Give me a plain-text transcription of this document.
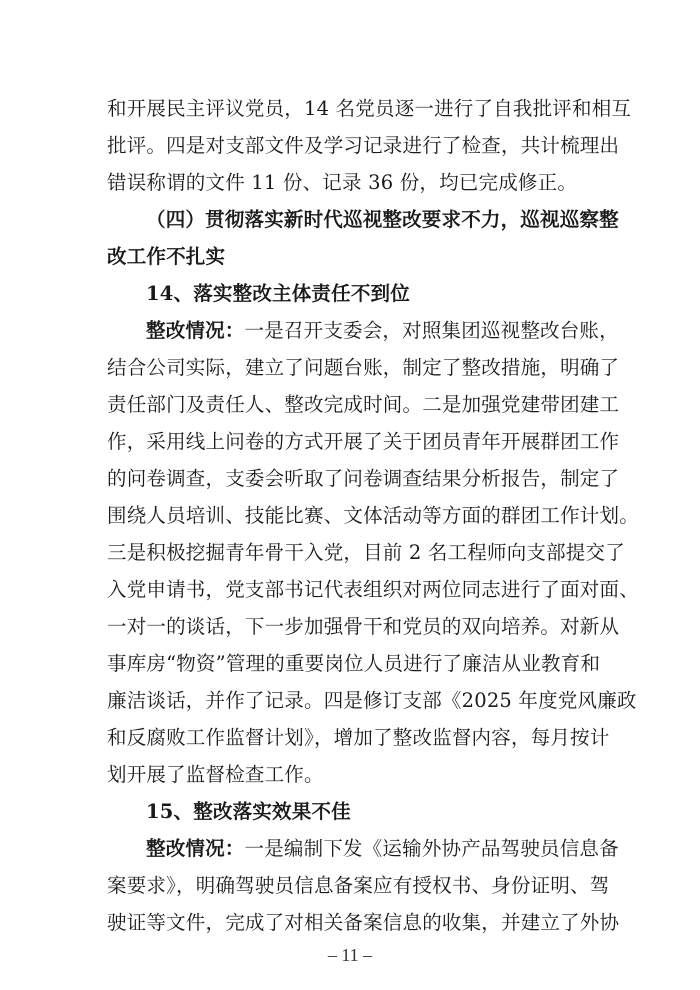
和开展民主评议党员，14 名党员逐一进行了自我批评和相互
批评。四是对支部文件及学习记录进行了检查，共计梳理出
错误称谓的文件 11 份、记录 36 份，均已完成修正。
（四）贯彻落实新时代巡视整改要求不力，巡视巡察整
改工作不扎实
14、落实整改主体责任不到位
整改情况：一是召开支委会，对照集团巡视整改台账，
结合公司实际，建立了问题台账，制定了整改措施，明确了
责任部门及责任人、整改完成时间。二是加强党建带团建工
作，采用线上问卷的方式开展了关于团员青年开展群团工作
的问卷调查，支委会听取了问卷调查结果分析报告，制定了
围绕人员培训、技能比赛、文体活动等方面的群团工作计划。
三是积极挖掘青年骨干入党，目前 2 名工程师向支部提交了
入党申请书，党支部书记代表组织对两位同志进行了面对面、
一对一的谈话，下一步加强骨干和党员的双向培养。对新从
事库房“物资”管理的重要岗位人员进行了廉洁从业教育和
廉洁谈话，并作了记录。四是修订支部《2025 年度党风廉政
和反腐败工作监督计划》，增加了整改监督内容，每月按计
划开展了监督检查工作。
15、整改落实效果不佳
整改情况：一是编制下发《运输外协产品驾驶员信息备
案要求》，明确驾驶员信息备案应有授权书、身份证明、驾
驶证等文件，完成了对相关备案信息的收集，并建立了外协
– 11 –
